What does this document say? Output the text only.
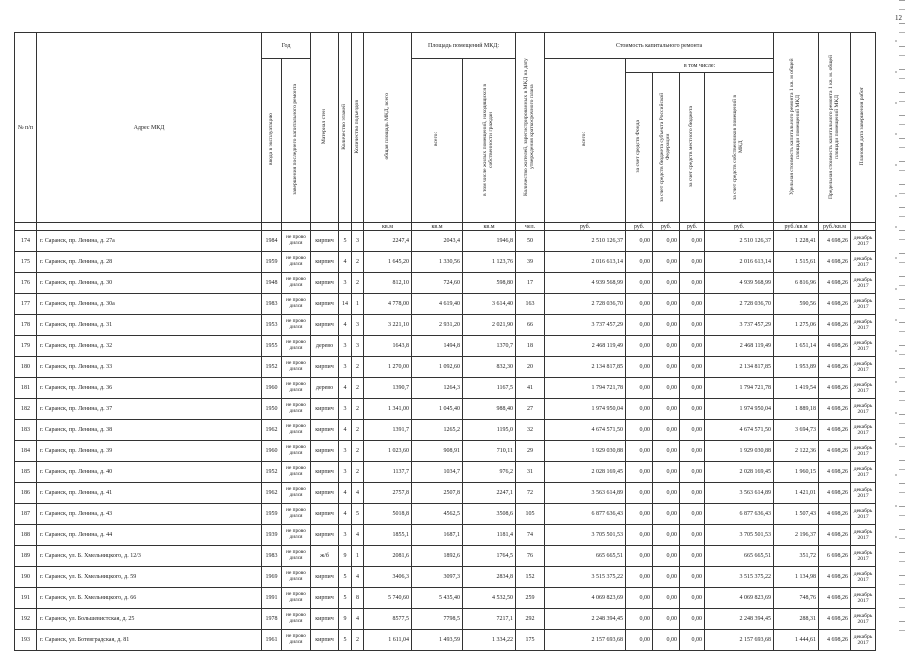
12
№ п/п	Адрес МКД	Год		Материал стен	Количество этажей	Количество подъездов	общая площадь МКД, всего	Площадь помещений МКД:		Количество жителей, зарегистрированных в МКД на дату утверждения краткосрочного плана	Стоимость капитального ремонта					Удельная стоимость капитального ремонта 1 кв. м общей площади помещений МКД	Предельная стоимость капитального ремонта 1 кв. м. общей площади помещений МКД	Плановая дата завершения работ
		ввода в эксплуатацию	завершения последнего капитального ремонта					всего:	в том числе жилых помещений, находящихся в собственности граждан		всего:	в том числе:						
												за счет средств Фонда	за счет средств бюджета субъекта Российской Федерации	за счет средств местного бюджета	за счет средств собственников помещений в МКД			
							кв.м	кв.м	кв.м	чел.	руб.	руб.	руб.	руб.	руб.	руб./кв.м	руб./кв.м	
174	г. Саранск, пр. Ленина, д. 27а	1984	не прово дился	кирпич	5	3	2247,4	2043,4	1946,8	50	2 510 126,37	0,00	0,00	0,00	2 510 126,37	1 228,41	4 698,26	декабрь 2017
175	г. Саранск, пр. Ленина, д. 28	1959	не прово дился	кирпич	4	2	1 645,20	1 330,56	1 123,76	39	2 016 613,14	0,00	0,00	0,00	2 016 613,14	1 515,61	4 698,26	декабрь 2017
176	г. Саранск, пр. Ленина, д. 30	1948	не прово дился	кирпич	3	2	812,10	724,60	598,80	17	4 939 568,99	0,00	0,00	0,00	4 939 568,99	6 816,96	4 698,26	декабрь 2017
177	г. Саранск, пр. Ленина, д. 30а	1983	не прово дился	кирпич	14	1	4 778,00	4 619,40	3 614,40	163	2 728 036,70	0,00	0,00	0,00	2 728 036,70	590,56	4 698,26	декабрь 2017
178	г. Саранск, пр. Ленина, д. 31	1953	не прово дился	кирпич	4	3	3 221,10	2 931,20	2 021,90	66	3 737 457,29	0,00	0,00	0,00	3 737 457,29	1 275,06	4 698,26	декабрь 2017
179	г. Саранск, пр. Ленина, д. 32	1955	не прово дился	дерево	3	3	1643,8	1494,8	1370,7	18	2 468 119,49	0,00	0,00	0,00	2 468 119,49	1 651,14	4 698,26	декабрь 2017
180	г. Саранск, пр. Ленина, д. 33	1952	не прово дился	кирпич	3	2	1 270,00	1 092,60	832,30	20	2 134 817,85	0,00	0,00	0,00	2 134 817,85	1 953,89	4 698,26	декабрь 2017
181	г. Саранск, пр. Ленина, д. 36	1960	не прово дился	дерево	4	2	1390,7	1264,3	1167,5	41	1 794 721,78	0,00	0,00	0,00	1 794 721,78	1 419,54	4 698,26	декабрь 2017
182	г. Саранск, пр. Ленина, д. 37	1950	не прово дился	кирпич	3	2	1 341,00	1 045,40	988,40	27	1 974 950,04	0,00	0,00	0,00	1 974 950,04	1 889,18	4 698,26	декабрь 2017
183	г. Саранск, пр. Ленина, д. 38	1962	не прово дился	кирпич	4	2	1391,7	1265,2	1195,0	32	4 674 571,50	0,00	0,00	0,00	4 674 571,50	3 694,73	4 698,26	декабрь 2017
184	г. Саранск, пр. Ленина, д. 39	1960	не прово дился	кирпич	3	2	1 023,60	908,91	710,11	29	1 929 030,88	0,00	0,00	0,00	1 929 030,88	2 122,36	4 698,26	декабрь 2017
185	г. Саранск, пр. Ленина, д. 40	1952	не прово дился	кирпич	3	2	1137,7	1034,7	976,2	31	2 028 169,45	0,00	0,00	0,00	2 028 169,45	1 960,15	4 698,26	декабрь 2017
186	г. Саранск, пр. Ленина, д. 41	1962	не прово дился	кирпич	4	4	2757,8	2507,8	2247,1	72	3 563 614,89	0,00	0,00	0,00	3 563 614,89	1 421,01	4 698,26	декабрь 2017
187	г. Саранск, пр. Ленина, д. 43	1959	не прово дился	кирпич	4	5	5018,8	4562,5	3508,6	105	6 877 636,43	0,00	0,00	0,00	6 877 636,43	1 507,43	4 698,26	декабрь 2017
188	г. Саранск, пр. Ленина, д. 44	1939	не прово дился	кирпич	3	4	1855,1	1687,1	1181,4	74	3 705 501,53	0,00	0,00	0,00	3 705 501,53	2 196,37	4 698,26	декабрь 2017
189	г. Саранск, ул. Б. Хмельницкого, д. 12/3	1983	не прово дился	ж/б	9	1	2081,6	1892,6	1764,5	76	665 665,51	0,00	0,00	0,00	665 665,51	351,72	6 698,26	декабрь 2017
190	г. Саранск, ул. Б. Хмельницкого, д. 59	1969	не прово дился	кирпич	5	4	3406,3	3097,3	2834,8	152	3 515 375,22	0,00	0,00	0,00	3 515 375,22	1 134,98	4 698,26	декабрь 2017
191	г. Саранск, ул. Б. Хмельницкого, д. 66	1991	не прово дился	кирпич	5	8	5 740,60	5 435,40	4 532,50	259	4 069 823,69	0,00	0,00	0,00	4 069 823,69	748,76	4 698,26	декабрь 2017
192	г. Саранск, ул. Большевистская, д. 25	1978	не прово дился	кирпич	9	4	8577,5	7798,5	7217,1	292	2 248 394,45	0,00	0,00	0,00	2 248 394,45	288,31	4 698,26	декабрь 2017
193	г. Саранск, ул. Ботевградская, д. 81	1961	не прово дился	кирпич	5	2	1 611,04	1 493,59	1 334,22	175	2 157 693,68	0,00	0,00	0,00	2 157 693,68	1 444,61	4 698,26	декабрь 2017
